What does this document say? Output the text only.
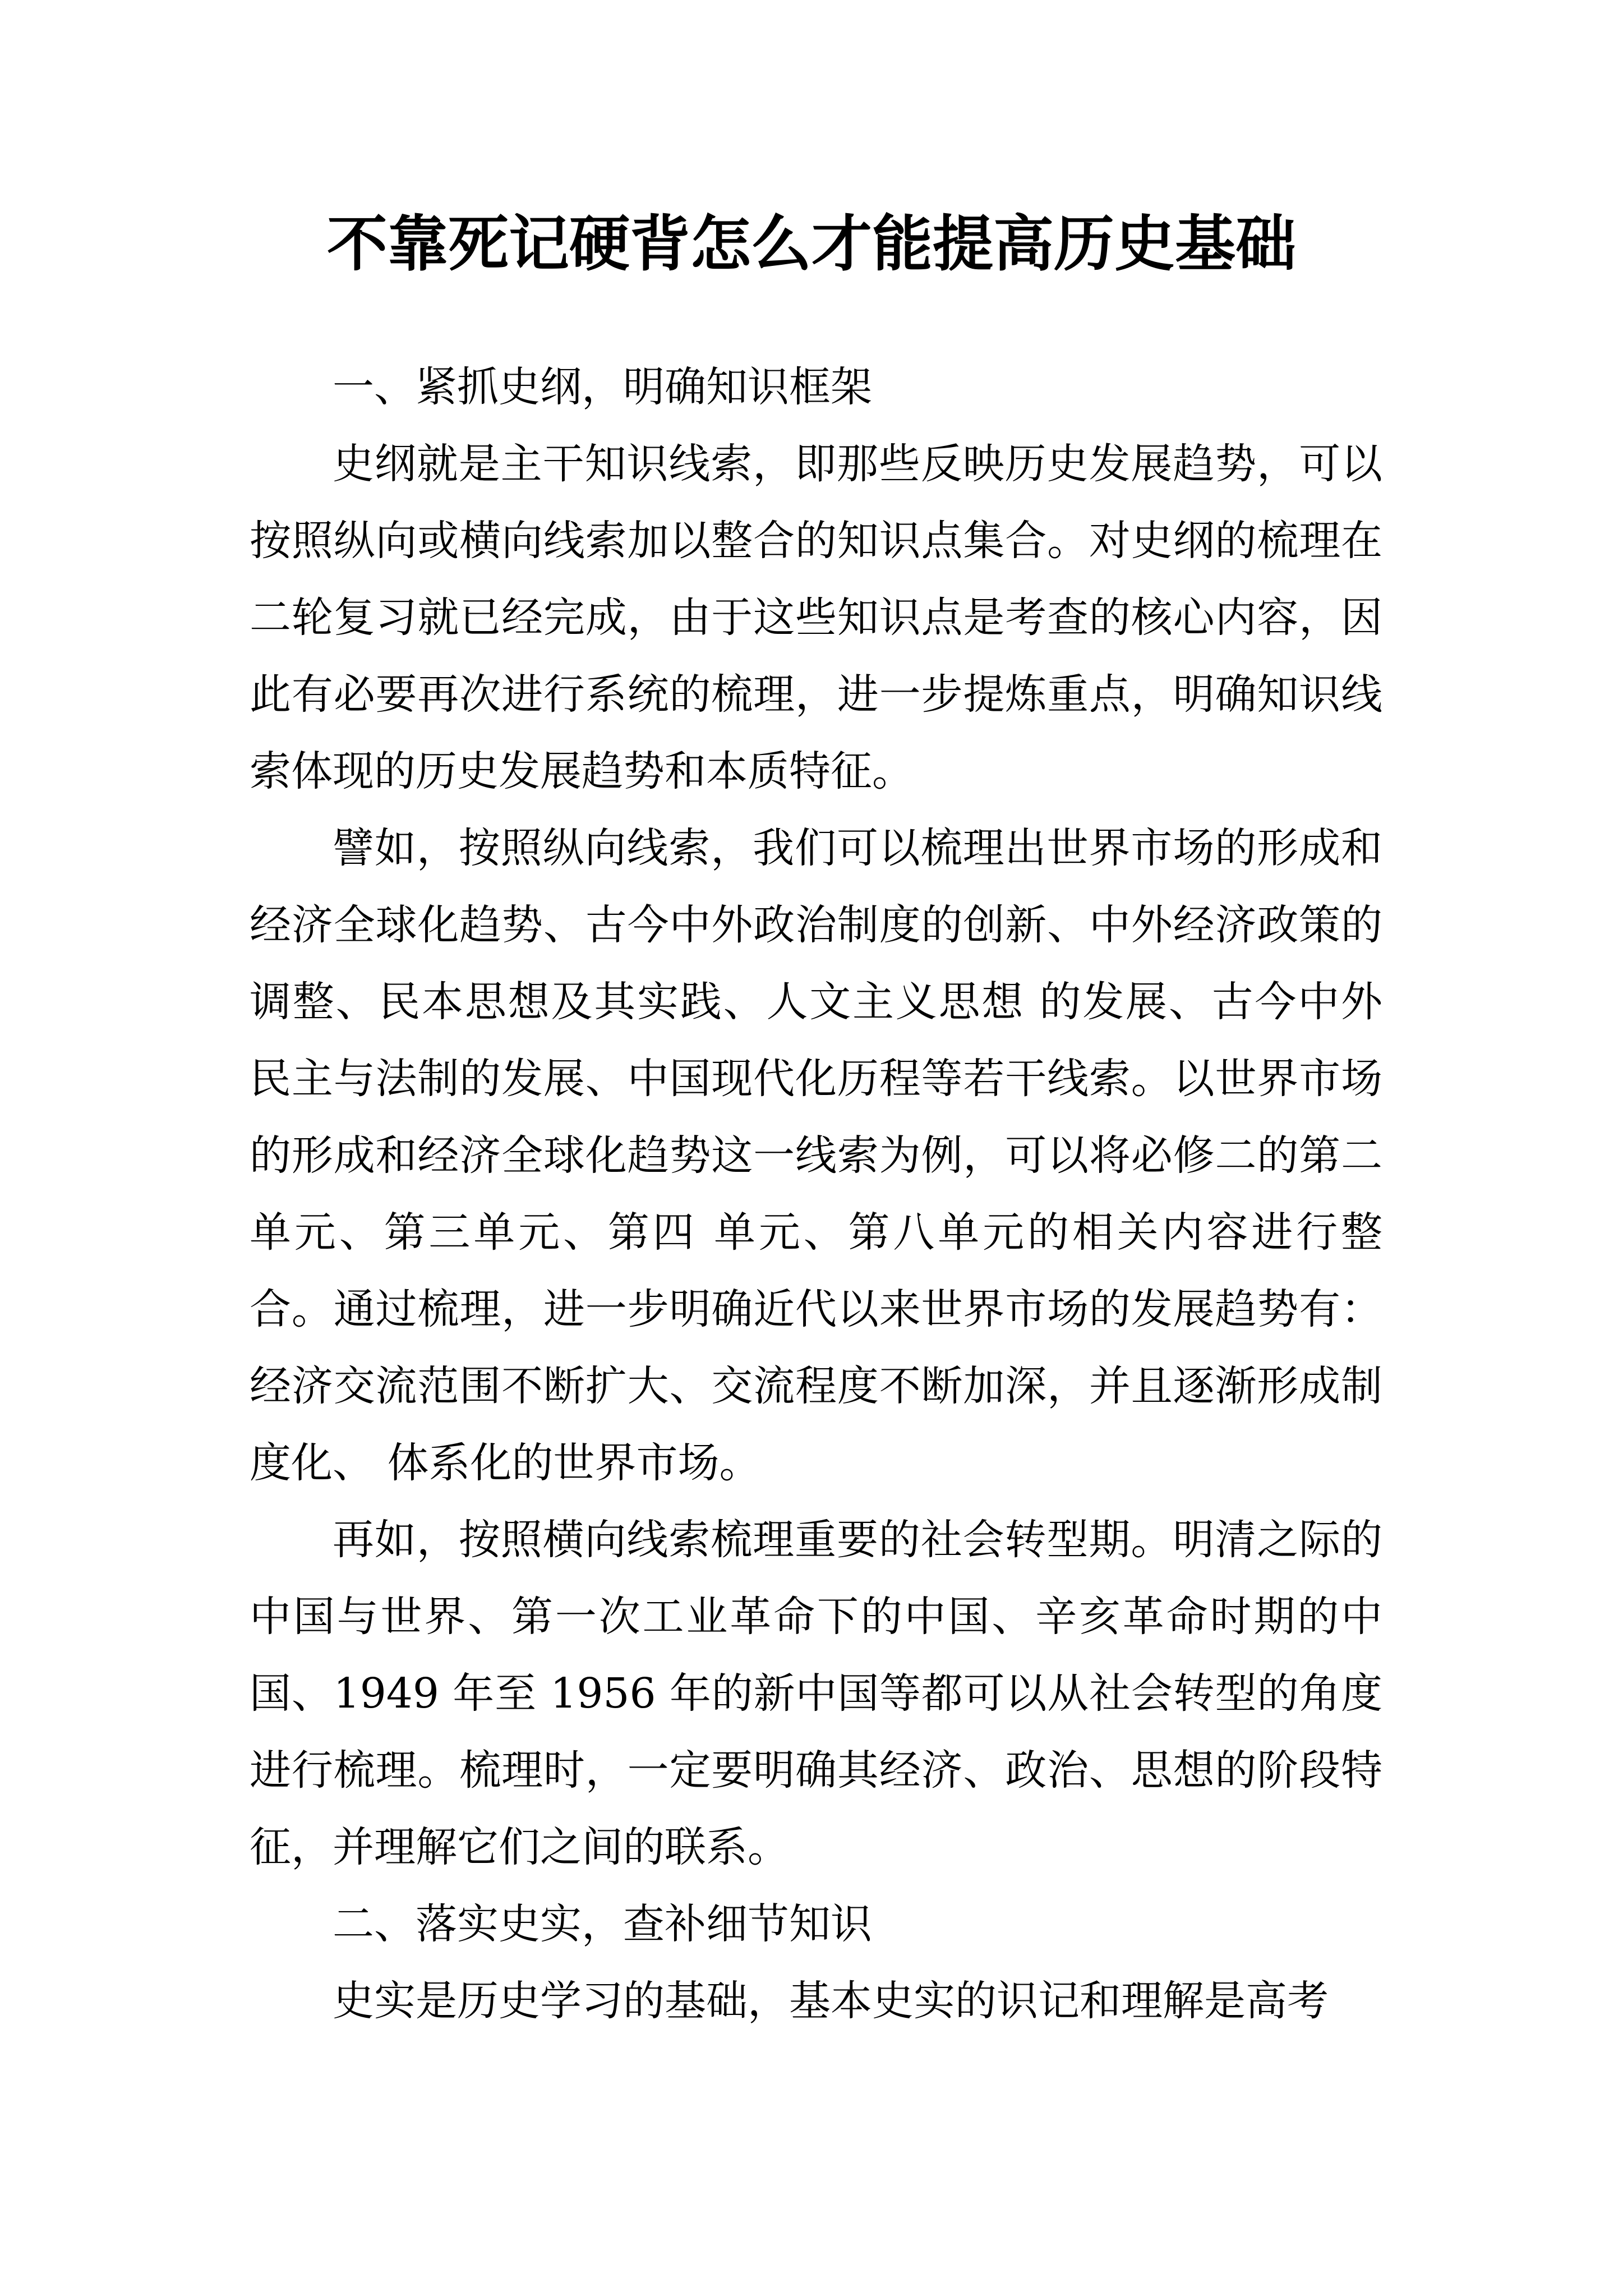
不靠死记硬背怎么才能提高历史基础

一、紧抓史纲，明确知识框架

史纲就是主干知识线索，即那些反映历史发展趋势，可以按照纵向或横向线索加以整合的知识点集合。对史纲的梳理在二轮复习就已经完成，由于这些知识点是考查的核心内容，因此有必要再次进行系统的梳理，进一步提炼重点，明确知识线索体现的历史发展趋势和本质特征。

譬如，按照纵向线索，我们可以梳理出世界市场的形成和经济全球化趋势、古今中外政治制度的创新、中外经济政策的调整、民本思想及其实践、人文主义思想 的发展、古今中外民主与法制的发展、中国现代化历程等若干线索。以世界市场的形成和经济全球化趋势这一线索为例，可以将必修二的第二单元、第三单元、第四 单元、第八单元的相关内容进行整合。通过梳理，进一步明确近代以来世界市场的发展趋势有：经济交流范围不断扩大、交流程度不断加深，并且逐渐形成制度化、 体系化的世界市场。

再如，按照横向线索梳理重要的社会转型期。明清之际的中国与世界、第一次工业革命下的中国、辛亥革命时期的中国、1949 年至 1956 年的新中国等都可以从社会转型的角度进行梳理。梳理时，一定要明确其经济、政治、思想的阶段特征，并理解它们之间的联系。

二、落实史实，查补细节知识

史实是历史学习的基础，基本史实的识记和理解是高考
